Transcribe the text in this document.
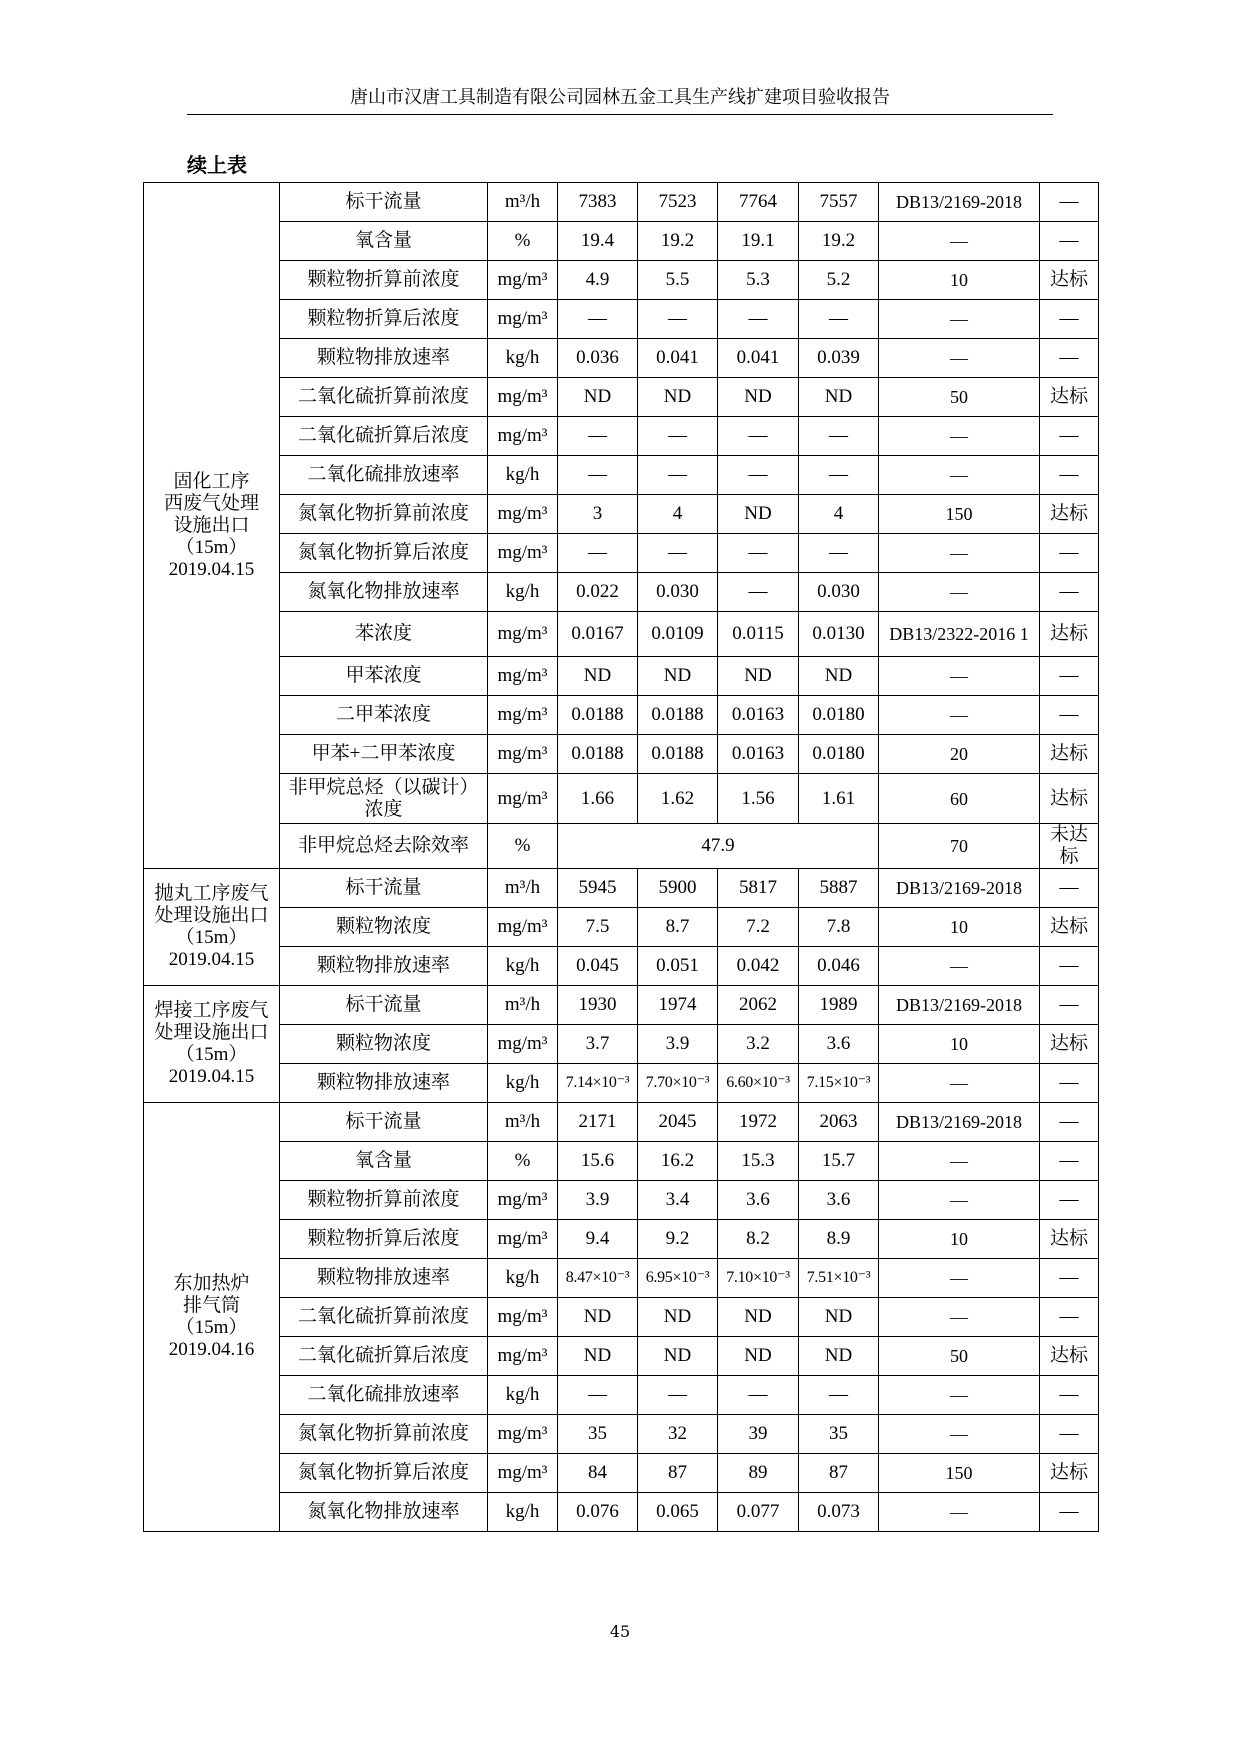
唐山市汉唐工具制造有限公司园林五金工具生产线扩建项目验收报告
续上表
固化工序
西废气处理
设施出口
（15m）
2019.04.15	标干流量	m³/h	7383	7523	7764	7557	DB13/2169-2018	—
	氧含量	%	19.4	19.2	19.1	19.2	—	—
	颗粒物折算前浓度	mg/m³	4.9	5.5	5.3	5.2	10	达标
	颗粒物折算后浓度	mg/m³	—	—	—	—	—	—
	颗粒物排放速率	kg/h	0.036	0.041	0.041	0.039	—	—
	二氧化硫折算前浓度	mg/m³	ND	ND	ND	ND	50	达标
	二氧化硫折算后浓度	mg/m³	—	—	—	—	—	—
	二氧化硫排放速率	kg/h	—	—	—	—	—	—
	氮氧化物折算前浓度	mg/m³	3	4	ND	4	150	达标
	氮氧化物折算后浓度	mg/m³	—	—	—	—	—	—
	氮氧化物排放速率	kg/h	0.022	0.030	—	0.030	—	—
	苯浓度	mg/m³	0.0167	0.0109	0.0115	0.0130	DB13/2322-2016 1	达标
	甲苯浓度	mg/m³	ND	ND	ND	ND	—	—
	二甲苯浓度	mg/m³	0.0188	0.0188	0.0163	0.0180	—	—
	甲苯+二甲苯浓度	mg/m³	0.0188	0.0188	0.0163	0.0180	20	达标
	非甲烷总烃（以碳计）浓度	mg/m³	1.66	1.62	1.56	1.61	60	达标
	非甲烷总烃去除效率	%	47.9				70	未达标

抛丸工序废气
处理设施出口
（15m）
2019.04.15	标干流量	m³/h	5945	5900	5817	5887	DB13/2169-2018	—
	颗粒物浓度	mg/m³	7.5	8.7	7.2	7.8	10	达标
	颗粒物排放速率	kg/h	0.045	0.051	0.042	0.046	—	—

焊接工序废气
处理设施出口
（15m）
2019.04.15	标干流量	m³/h	1930	1974	2062	1989	DB13/2169-2018	—
	颗粒物浓度	mg/m³	3.7	3.9	3.2	3.6	10	达标
	颗粒物排放速率	kg/h	7.14×10⁻³	7.70×10⁻³	6.60×10⁻³	7.15×10⁻³	—	—

东加热炉
排气筒
（15m）
2019.04.16	标干流量	m³/h	2171	2045	1972	2063	DB13/2169-2018	—
	氧含量	%	15.6	16.2	15.3	15.7	—	—
	颗粒物折算前浓度	mg/m³	3.9	3.4	3.6	3.6	—	—
	颗粒物折算后浓度	mg/m³	9.4	9.2	8.2	8.9	10	达标
	颗粒物排放速率	kg/h	8.47×10⁻³	6.95×10⁻³	7.10×10⁻³	7.51×10⁻³	—	—
	二氧化硫折算前浓度	mg/m³	ND	ND	ND	ND	—	—
	二氧化硫折算后浓度	mg/m³	ND	ND	ND	ND	50	达标
	二氧化硫排放速率	kg/h	—	—	—	—	—	—
	氮氧化物折算前浓度	mg/m³	35	32	39	35	—	—
	氮氧化物折算后浓度	mg/m³	84	87	89	87	150	达标
	氮氧化物排放速率	kg/h	0.076	0.065	0.077	0.073	—	—
45
